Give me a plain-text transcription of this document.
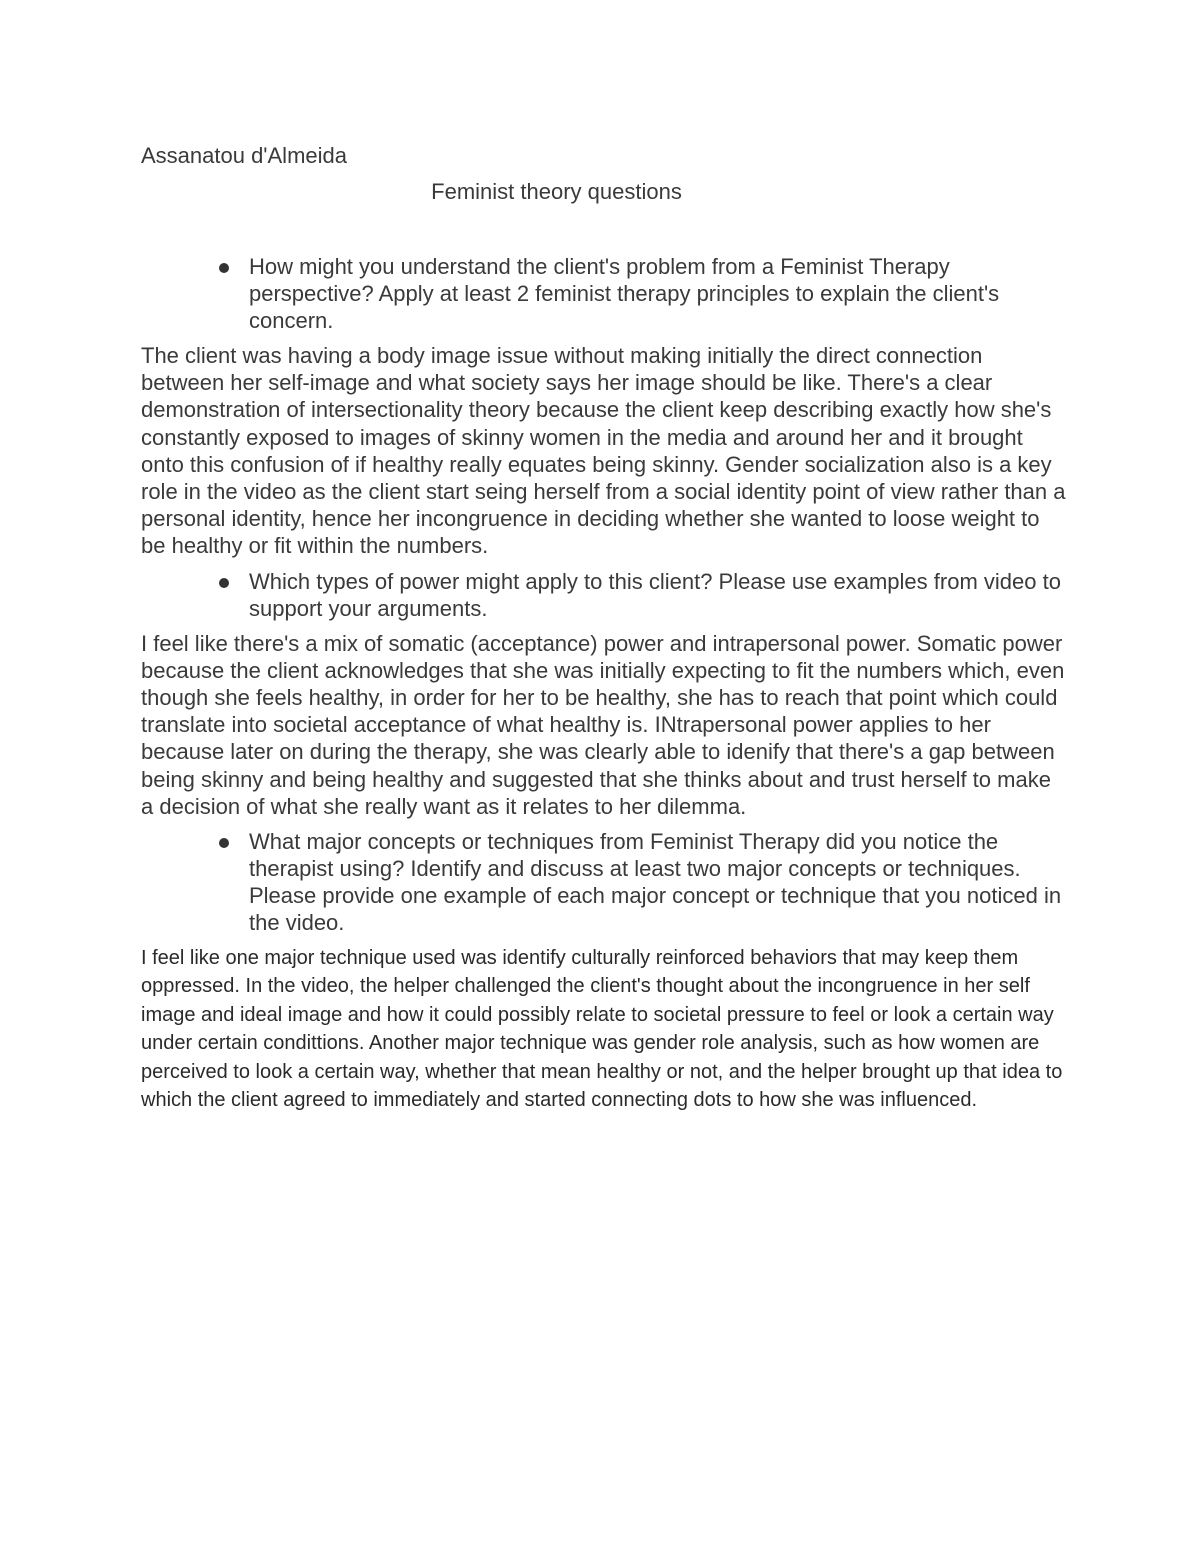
Assanatou d'Almeida

Feminist theory questions

How might you understand the client's problem from a Feminist Therapy perspective? Apply at least 2 feminist therapy principles to explain the client's concern.

The client was having a body image issue without making initially the direct connection between her self-image and what society says her image should be like. There's a clear demonstration of intersectionality theory because the client keep describing exactly how she's constantly exposed to images of skinny women in the media and around her and it brought onto this confusion of if healthy really equates being skinny. Gender socialization also is a key role in the video as the client start seing herself from a social identity point of view rather than a personal identity, hence her incongruence in deciding whether she wanted to loose weight to be healthy or fit within the numbers.

Which types of power might apply to this client? Please use examples from video to support your arguments.

I feel like there's a mix of somatic (acceptance) power and intrapersonal power. Somatic power because the client acknowledges that she was initially expecting to fit the numbers which, even though she feels healthy, in order for her to be healthy, she has to reach that point which could translate into societal acceptance of what healthy is. INtrapersonal power applies to her because later on during the therapy, she was clearly able to idenify that there's a gap between being skinny and being healthy and suggested that she thinks about and trust herself to make a decision of what she really want as it relates to her dilemma.

What major concepts or techniques from Feminist Therapy did you notice the therapist using? Identify and discuss at least two major concepts or techniques. Please provide one example of each major concept or technique that you noticed in the video.

I feel like one major technique used was identify culturally reinforced behaviors that may keep them oppressed. In the video, the helper challenged the client's thought about the incongruence in her self image and ideal image and how it could possibly relate to societal pressure to feel or look a certain way under certain condittions. Another major technique was gender role analysis, such as how women are perceived to look a certain way, whether that mean healthy or not, and the helper brought up that idea to which the client agreed to immediately and started connecting dots to how she was influenced.
